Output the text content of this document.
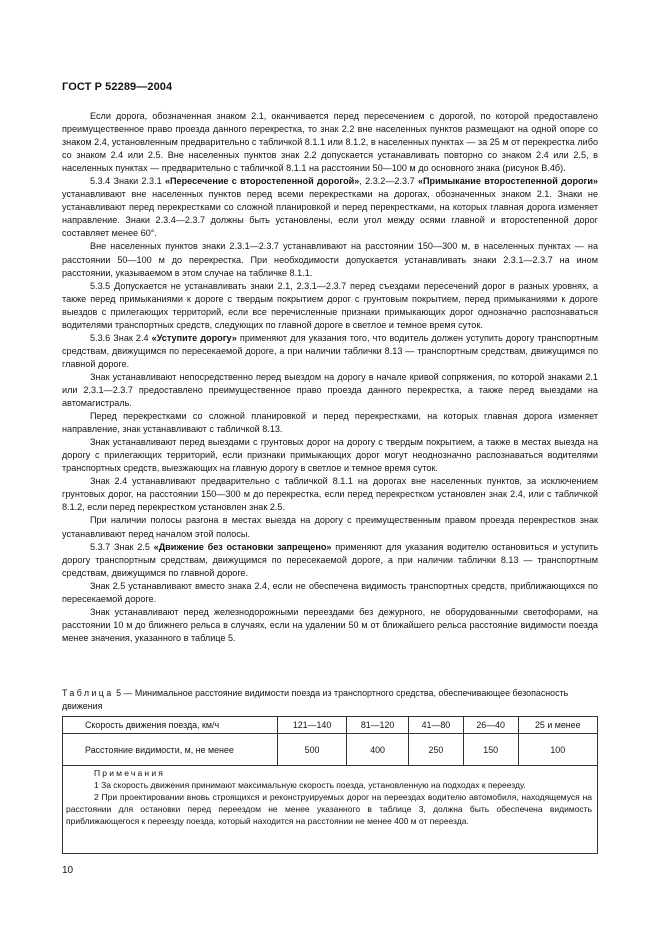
ГОСТ Р 52289—2004

Если дорога, обозначенная знаком 2.1, оканчивается перед пересечением с дорогой, по которой предоставлено преимущественное право проезда данного перекрестка, то знак 2.2 вне населенных пунктов размещают на одной опоре со знаком 2.4, установленным предварительно с табличкой 8.1.1 или 8.1.2, в населенных пунктах — за 25 м от перекрестка либо со знаком 2.4 или 2.5. Вне населенных пунктов знак 2.2 допускается устанавливать повторно со знаком 2.4 или 2.5, в населенных пунктах — предварительно с табличкой 8.1.1 на расстоянии 50—100 м до основного знака (рисунок В.4б).

5.3.4 Знаки 2.3.1 «Пересечение с второстепенной дорогой», 2.3.2—2.3.7 «Примыкание второстепенной дороги» устанавливают вне населенных пунктов перед всеми перекрестками на дорогах, обозначенных знаком 2.1. Знаки не устанавливают перед перекрестками со сложной планировкой и перед перекрестками, на которых главная дорога изменяет направление. Знаки 2.3.4—2.3.7 должны быть установлены, если угол между осями главной и второстепенной дорог составляет менее 60°.

Вне населенных пунктов знаки 2.3.1—2.3.7 устанавливают на расстоянии 150—300 м, в населенных пунктах — на расстоянии 50—100 м до перекрестка. При необходимости допускается устанавливать знаки 2.3.1—2.3.7 на ином расстоянии, указываемом в этом случае на табличке 8.1.1.

5.3.5 Допускается не устанавливать знаки 2.1, 2.3.1—2.3.7 перед съездами пересечений дорог в разных уровнях, а также перед примыканиями к дороге с твердым покрытием дорог с грунтовым покрытием, перед примыканиями к дороге выездов с прилегающих территорий, если все перечисленные признаки примыкающих дорог однозначно распознаваться водителями транспортных средств, следующих по главной дороге в светлое и темное время суток.

5.3.6 Знак 2.4 «Уступите дорогу» применяют для указания того, что водитель должен уступить дорогу транспортным средствам, движущимся по пересекаемой дороге, а при наличии таблички 8.13 — транспортным средствам, движущимся по главной дороге.

Знак устанавливают непосредственно перед выездом на дорогу в начале кривой сопряжения, по которой знаками 2.1 или 2.3.1—2.3.7 предоставлено преимущественное право проезда данного перекрестка, а также перед выездами на автомагистраль.

Перед перекрестками со сложной планировкой и перед перекрестками, на которых главная дорога изменяет направление, знак устанавливают с табличкой 8.13.

Знак устанавливают перед выездами с грунтовых дорог на дорогу с твердым покрытием, а также в местах выезда на дорогу с прилегающих территорий, если признаки примыкающих дорог могут неоднозначно распознаваться водителями транспортных средств, выезжающих на главную дорогу в светлое и темное время суток.

Знак 2.4 устанавливают предварительно с табличкой 8.1.1 на дорогах вне населенных пунктов, за исключением грунтовых дорог, на расстоянии 150—300 м до перекрестка, если перед перекрестком установлен знак 2.4, или с табличкой 8.1.2, если перед перекрестком установлен знак 2.5.

При наличии полосы разгона в местах выезда на дорогу с преимущественным правом проезда перекрестков знак устанавливают перед началом этой полосы.

5.3.7 Знак 2.5 «Движение без остановки запрещено» применяют для указания водителю остановиться и уступить дорогу транспортным средствам, движущимся по пересекаемой дороге, а при наличии таблички 8.13 — транспортным средствам, движущимся по главной дороге.

Знак 2.5 устанавливают вместо знака 2.4, если не обеспечена видимость транспортных средств, приближающихся по пересекаемой дороге.

Знак устанавливают перед железнодорожными переездами без дежурного, не оборудованными светофорами, на расстоянии 10 м до ближнего рельса в случаях, если на удалении 50 м от ближайшего рельса расстояние видимости поезда менее значения, указанного в таблице 5.

Таблица 5 — Минимальное расстояние видимости поезда из транспортного средства, обеспечивающее безопасность движения
Скорость движения поезда, км/ч	121—140	81—120	41—80	26—40	25 и менее
Расстояние видимости, м, не менее	500	400	250	150	100

Примечания

1 За скорость движения принимают максимальную скорость поезда, установленную на подходах к переезду.

2 При проектировании вновь строящихся и реконструируемых дорог на переездах водителю автомобиля, находящемуся на расстоянии для остановки перед переездом не менее указанного в таблице 3, должна быть обеспечена видимость приближающегося к переезду поезда, который находится на расстоянии не менее 400 м от переезда.

10
